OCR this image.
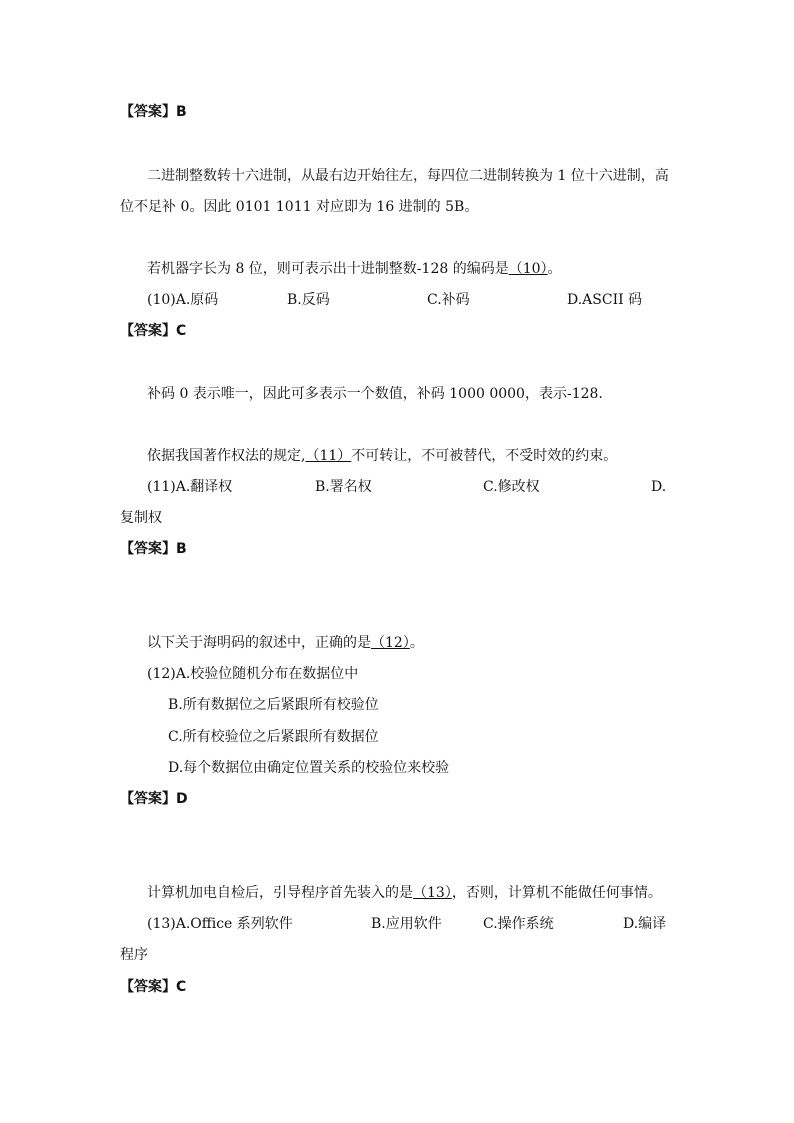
【答案】B
二进制整数转十六进制，从最右边开始往左，每四位二进制转换为 1 位十六进制，高
位不足补 0。因此 0101 1011 对应即为 16 进制的 5B。
若机器字长为 8 位，则可表示出十进制整数-128 的编码是（10）。
(10)A.原码	B.反码	C.补码	D.ASCII 码
【答案】C
补码 0 表示唯一，因此可多表示一个数值，补码 1000 0000，表示-128.
依据我国著作权法的规定,（11）不可转让，不可被替代，不受时效的约束。
(11)A.翻译权	B.署名权	C.修改权	D.
复制权
【答案】B
以下关于海明码的叙述中，正确的是（12）。
(12)A.校验位随机分布在数据位中
B.所有数据位之后紧跟所有校验位
C.所有校验位之后紧跟所有数据位
D.每个数据位由确定位置关系的校验位来校验
【答案】D
计算机加电自检后，引导程序首先装入的是（13），否则，计算机不能做任何事情。
(13)A.Office 系列软件	B.应用软件	C.操作系统	D.编译
程序
【答案】C
